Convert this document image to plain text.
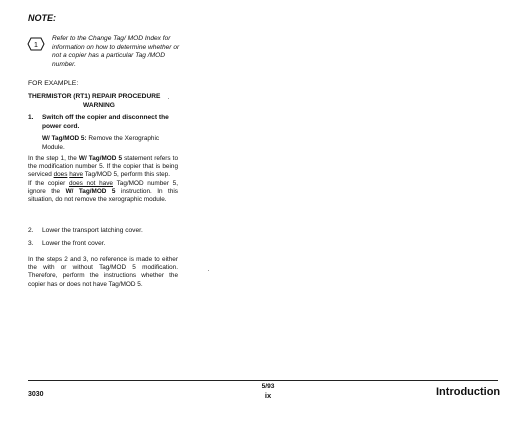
NOTE:
1
Refer to the Change Tag/ MOD Index for information on how to determine whether or not a copier has a particular Tag /MOD number.
FOR EXAMPLE:
THERMISTOR (RT1) REPAIR PROCEDURE
WARNING
1. Switch off the copier and disconnect the power cord.
W/ Tag/MOD 5: Remove the Xerographic Module.
In the step 1, the W/ Tag/MOD 5 statement refers to the modification number 5. If the copier that is being serviced does have Tag/MOD 5, perform this step.
If the copier does not have Tag/MOD number 5, ignore the W/ Tag/MOD 5 instruction. In this situation, do not remove the xerographic module.
2. Lower the transport latching cover.
3. Lower the front cover.
In the steps 2 and 3, no reference is made to either the with or without Tag/MOD 5 modification. Therefore, perform the instructions whether the copier has or does not have Tag/MOD 5.
3030
5/93
ix	Introduction
